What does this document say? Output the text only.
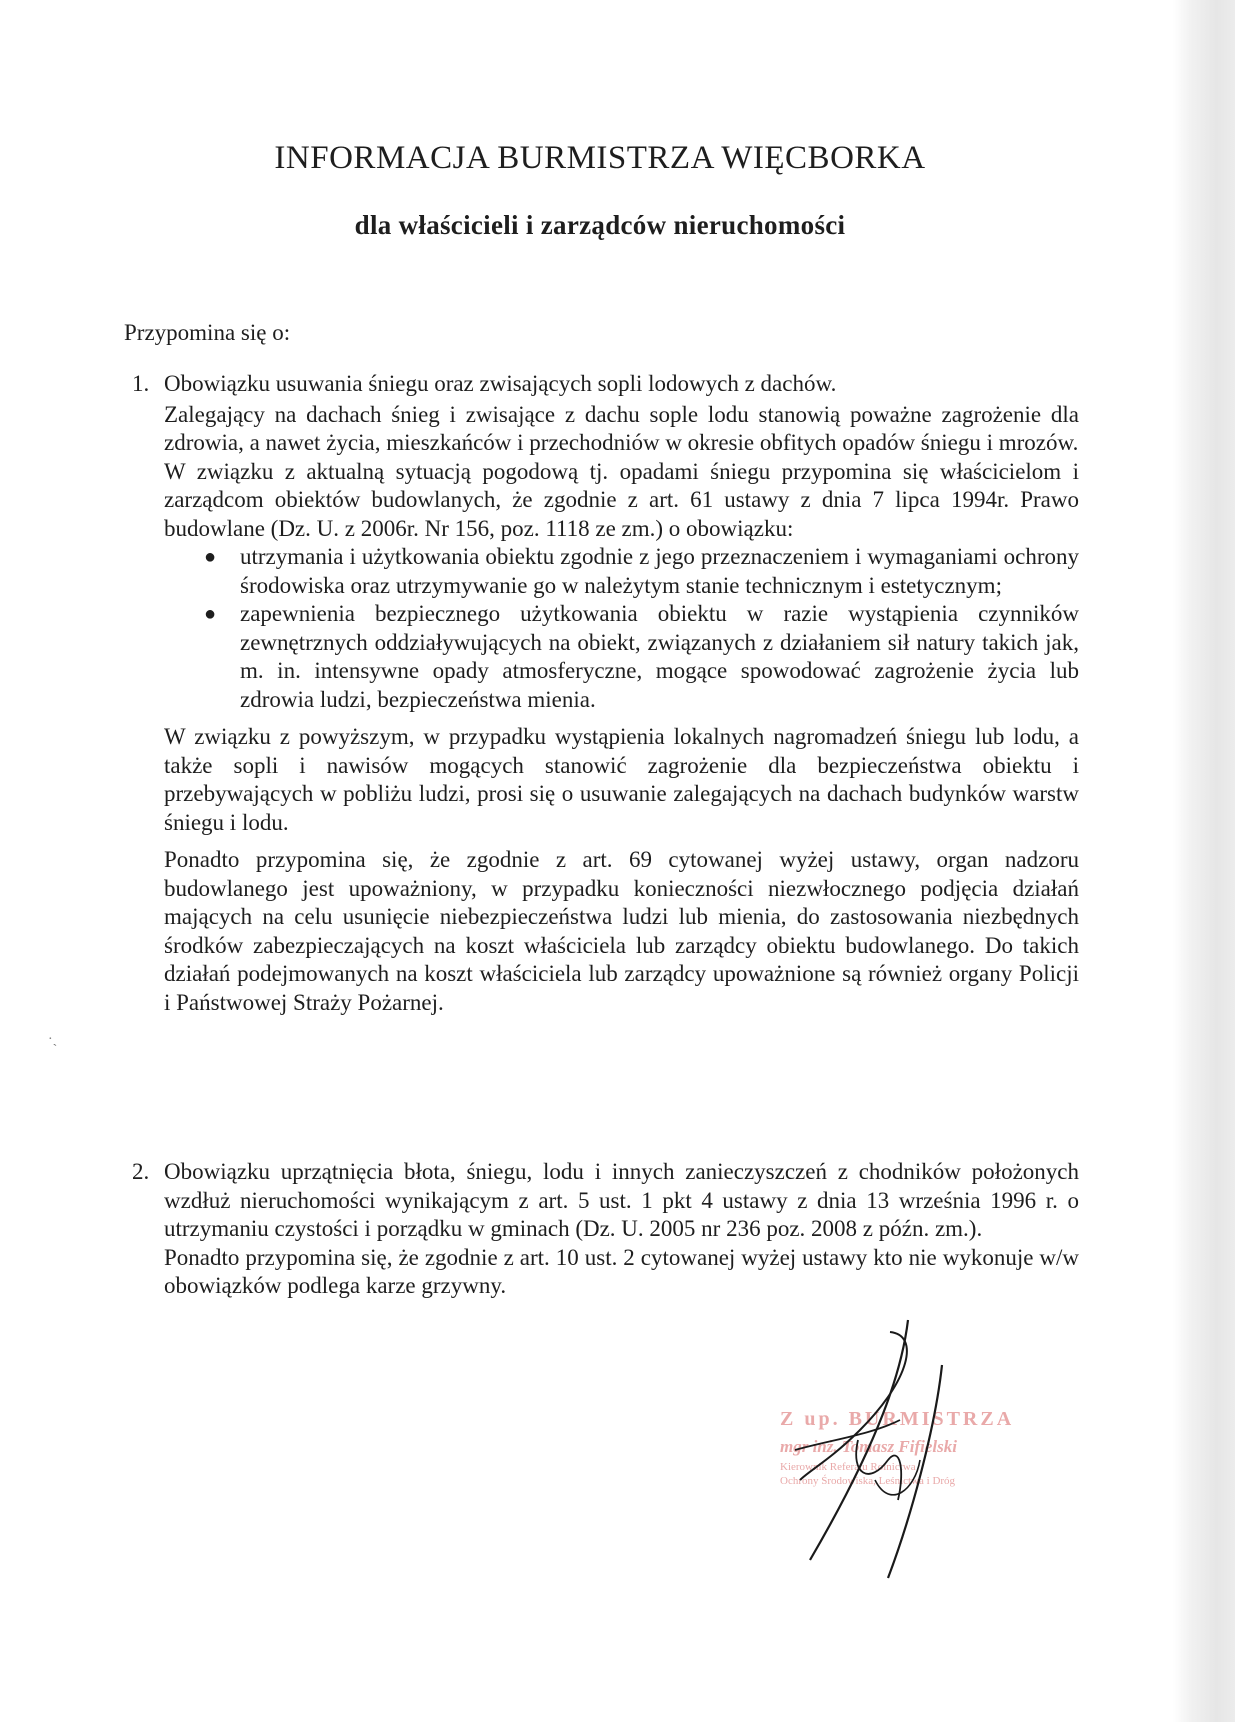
INFORMACJA BURMISTRZA WIĘCBORKA
dla właścicieli i zarządców nieruchomości

Przypomina się o:

1. Obowiązku usuwania śniegu oraz zwisających sopli lodowych z dachów.

Zalegający na dachach śnieg i zwisające z dachu sople lodu stanowią poważne zagrożenie dla zdrowia, a nawet życia, mieszkańców i przechodniów w okresie obfitych opadów śniegu i mrozów.

W związku z aktualną sytuacją pogodową tj. opadami śniegu przypomina się właścicielom i zarządcom obiektów budowlanych, że zgodnie z art. 61 ustawy z dnia 7 lipca 1994r. Prawo budowlane (Dz. U. z 2006r. Nr 156, poz. 1118 ze zm.) o obowiązku:

● utrzymania i użytkowania obiektu zgodnie z jego przeznaczeniem i wymaganiami ochrony środowiska oraz utrzymywanie go w należytym stanie technicznym i estetycznym;
● zapewnienia bezpiecznego użytkowania obiektu w razie wystąpienia czynników zewnętrznych oddziaływujących na obiekt, związanych z działaniem sił natury takich jak, m. in. intensywne opady atmosferyczne, mogące spowodować zagrożenie życia lub zdrowia ludzi, bezpieczeństwa mienia.

W związku z powyższym, w przypadku wystąpienia lokalnych nagromadzeń śniegu lub lodu, a także sopli i nawisów mogących stanowić zagrożenie dla bezpieczeństwa obiektu i przebywających w pobliżu ludzi, prosi się o usuwanie zalegających na dachach budynków warstw śniegu i lodu.

Ponadto przypomina się, że zgodnie z art. 69 cytowanej wyżej ustawy, organ nadzoru budowlanego jest upoważniony, w przypadku konieczności niezwłocznego podjęcia działań mających na celu usunięcie niebezpieczeństwa ludzi lub mienia, do zastosowania niezbędnych środków zabezpieczających na koszt właściciela lub zarządcy obiektu budowlanego. Do takich działań podejmowanych na koszt właściciela lub zarządcy upoważnione są również organy Policji i Państwowej Straży Pożarnej.

2. Obowiązku uprzątnięcia błota, śniegu, lodu i innych zanieczyszczeń z chodników położonych wzdłuż nieruchomości wynikającym z art. 5 ust. 1 pkt 4 ustawy z dnia 13 września 1996 r. o utrzymaniu czystości i porządku w gminach (Dz. U. 2005 nr 236 poz. 2008 z późn. zm.).

Ponadto przypomina się, że zgodnie z art. 10 ust. 2 cytowanej wyżej ustawy kto nie wykonuje w/w obowiązków podlega karze grzywny.

Z up. BURMISTRZA
mgr inż. Tomasz Fifielski
Kierownik Referatu Rolnictwa
Ochrony Środowiska, Leśnictwa i Dróg
·ˏ
